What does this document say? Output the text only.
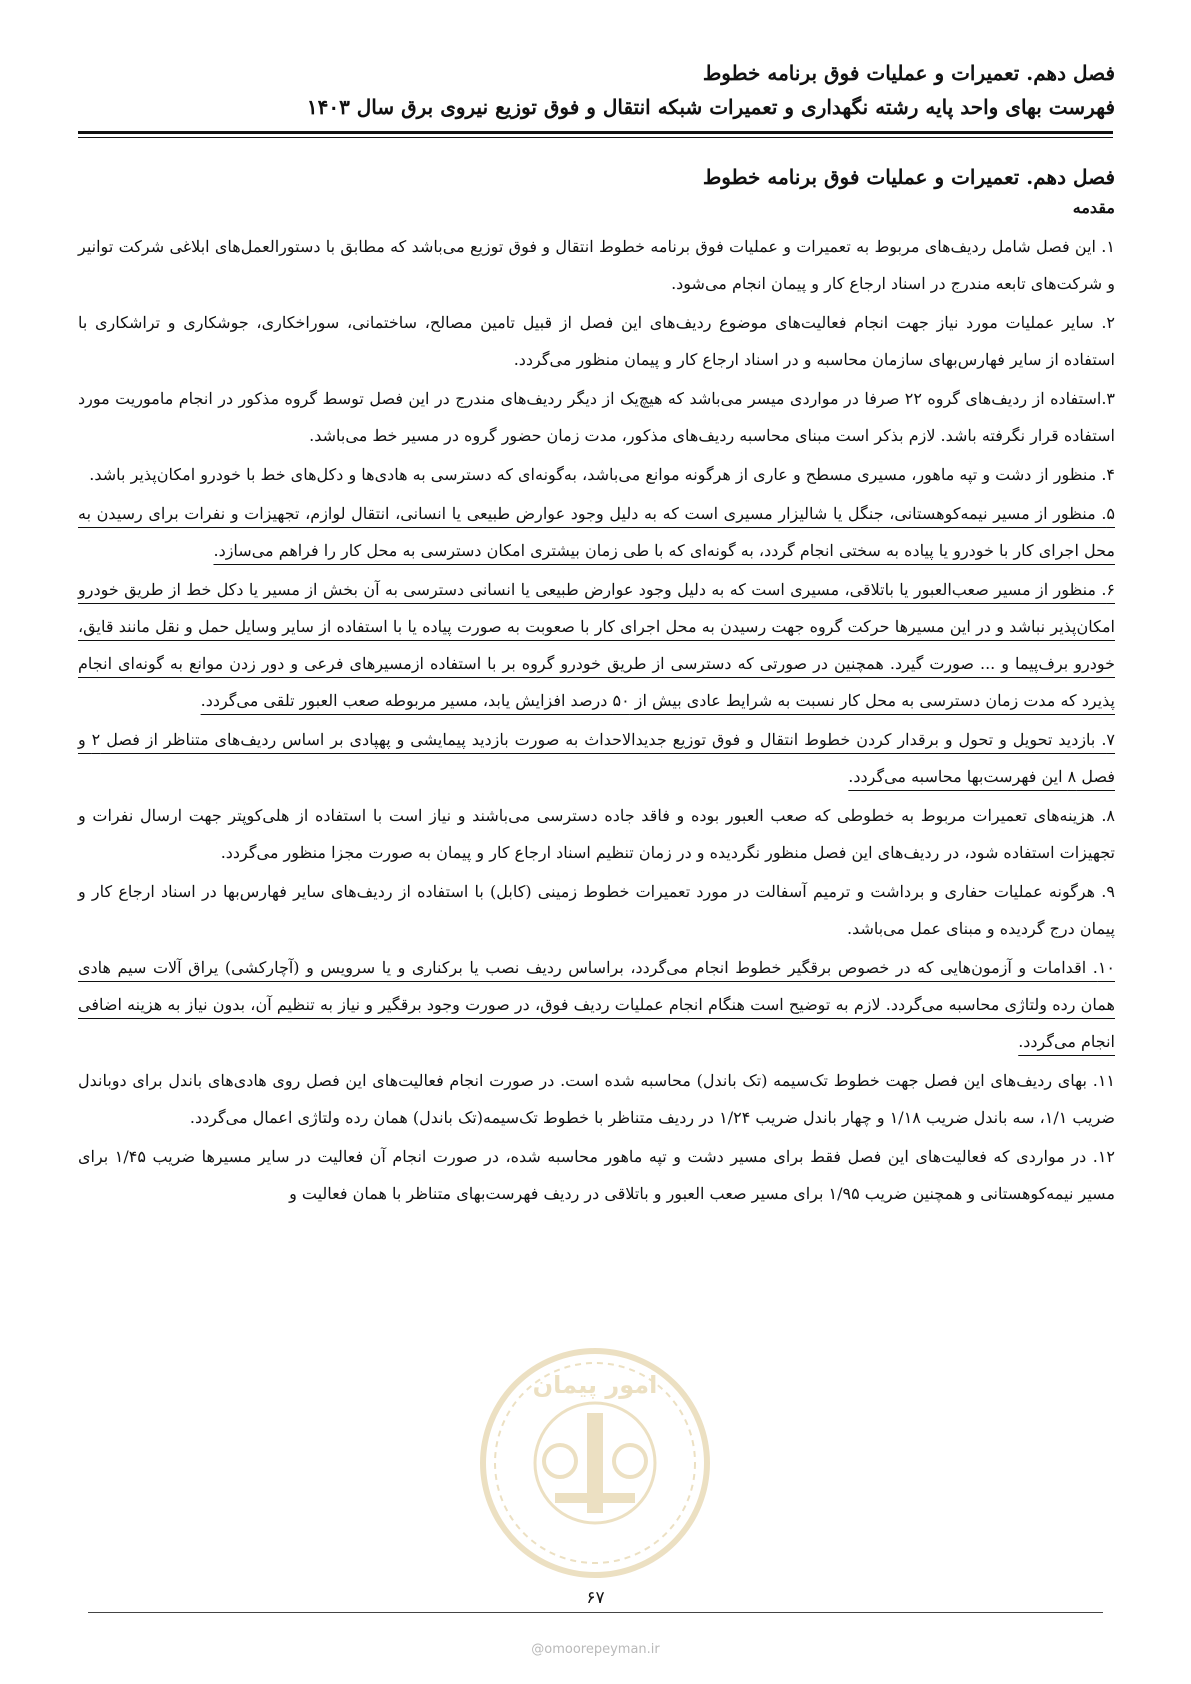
فصل دهم. تعمیرات و عملیات فوق برنامه خطوط
فهرست بهای واحد پایه رشته نگهداری و تعمیرات شبکه انتقال و فوق توزیع نیروی برق سال ۱۴۰۳
فصل دهم. تعمیرات و عملیات فوق برنامه خطوط
مقدمه

۱. این فصل شامل ردیف‌های مربوط به تعمیرات و عملیات فوق برنامه خطوط انتقال و فوق توزیع می‌باشد که مطابق با دستورالعمل‌های ابلاغی شرکت توانیر و شرکت‌های تابعه مندرج در اسناد ارجاع کار و پیمان انجام می‌شود.

۲. سایر عملیات مورد نیاز جهت انجام فعالیت‌های موضوع ردیف‌های این فصل از قبیل تامین مصالح، ساختمانی، سوراخکاری، جوشکاری و تراشکاری با استفاده از سایر فهارس‌بهای سازمان محاسبه و در اسناد ارجاع کار و پیمان منظور می‌گردد.

۳.استفاده از ردیف‌های گروه ۲۲ صرفا در مواردی میسر می‌باشد که هیچ‌یک از دیگر ردیف‌های مندرج در این فصل توسط گروه مذکور در انجام ماموریت مورد استفاده قرار نگرفته باشد. لازم بذکر است مبنای محاسبه ردیف‌های مذکور، مدت زمان حضور گروه در مسیر خط می‌باشد.

۴. منظور از دشت و تپه ماهور، مسیری مسطح و عاری از هرگونه موانع می‌باشد، به‌گونه‌ای که دسترسی به هادی‌ها و دکل‌های خط با خودرو امکان‌پذیر باشد.

۵. منظور از مسیر نیمه‌کوهستانی، جنگل یا شالیزار مسیری است که به دلیل وجود عوارض طبیعی یا انسانی، انتقال لوازم، تجهیزات و نفرات برای رسیدن به محل اجرای کار با خودرو یا پیاده به سختی انجام گردد، به گونه‌ای که با طی زمان بیشتری امکان دسترسی به محل کار را فراهم می‌سازد.

۶. منظور از مسیر صعب‌العبور یا باتلاقی، مسیری است که به دلیل وجود عوارض طبیعی یا انسانی دسترسی به آن بخش از مسیر یا دکل خط از طریق خودرو امکان‌پذیر نباشد و در این مسیرها حرکت گروه جهت رسیدن به محل اجرای کار با صعوبت به صورت پیاده یا با استفاده از سایر وسایل حمل و نقل مانند قایق، خودرو برف‌پیما و ... صورت گیرد. همچنین در صورتی که دسترسی از طریق خودرو گروه بر با استفاده ازمسیرهای فرعی و دور زدن موانع به گونه‌ای انجام پذیرد که مدت زمان دسترسی به محل کار نسبت به شرایط عادی بیش از ۵۰ درصد افزایش یابد، مسیر مربوطه صعب العبور تلقی می‌گردد.

۷. بازدید تحویل و تحول و برقدار کردن خطوط انتقال و فوق توزیع جدیدالاحداث به صورت بازدید پیمایشی و پهپادی بر اساس ردیف‌های متناظر از فصل ۲ و فصل ۸ این فهرست‌بها محاسبه می‌گردد.

۸. هزینه‌های تعمیرات مربوط به خطوطی که صعب العبور بوده و فاقد جاده دسترسی می‌باشند و نیاز است با استفاده از هلی‌کوپتر جهت ارسال نفرات و تجهیزات استفاده شود، در ردیف‌های این فصل منظور نگردیده و در زمان تنظیم اسناد ارجاع کار و پیمان به صورت مجزا منظور می‌گردد.

۹. هرگونه عملیات حفاری و برداشت و ترمیم آسفالت در مورد تعمیرات خطوط زمینی (کابل) با استفاده از ردیف‌های سایر فهارس‌بها در اسناد ارجاع کار و پیمان درج گردیده و مبنای عمل می‌باشد.

۱۰. اقدامات و آزمون‌هایی که در خصوص برقگیر خطوط انجام می‌گردد، براساس ردیف نصب یا برکناری و یا سرویس و (آچارکشی) یراق آلات سیم هادی همان رده ولتاژی محاسبه می‌گردد. لازم به توضیح است هنگام انجام عملیات ردیف فوق، در صورت وجود برقگیر و نیاز به تنظیم آن، بدون نیاز به هزینه اضافی انجام می‌گردد.

۱۱. بهای ردیف‌های این فصل جهت خطوط تک‌سیمه (تک باندل) محاسبه شده است. در صورت انجام فعالیت‌های این فصل روی هادی‌های باندل برای دوباندل ضریب ۱/۱، سه باندل ضریب ۱/۱۸ و چهار باندل ضریب ۱/۲۴ در ردیف متناظر با خطوط تک‌سیمه(تک باندل) همان رده ولتاژی اعمال می‌گردد.

۱۲. در مواردی که فعالیت‌های این فصل فقط برای مسیر دشت و تپه ماهور محاسبه شده، در صورت انجام آن فعالیت در سایر مسیرها ضریب ۱/۴۵ برای مسیر نیمه‌کوهستانی و همچنین ضریب ۱/۹۵ برای مسیر صعب العبور و باتلاقی در ردیف فهرست‌بهای متناظر با همان فعالیت و

امور پیمان
۶۷
@omoorepeyman.ir
